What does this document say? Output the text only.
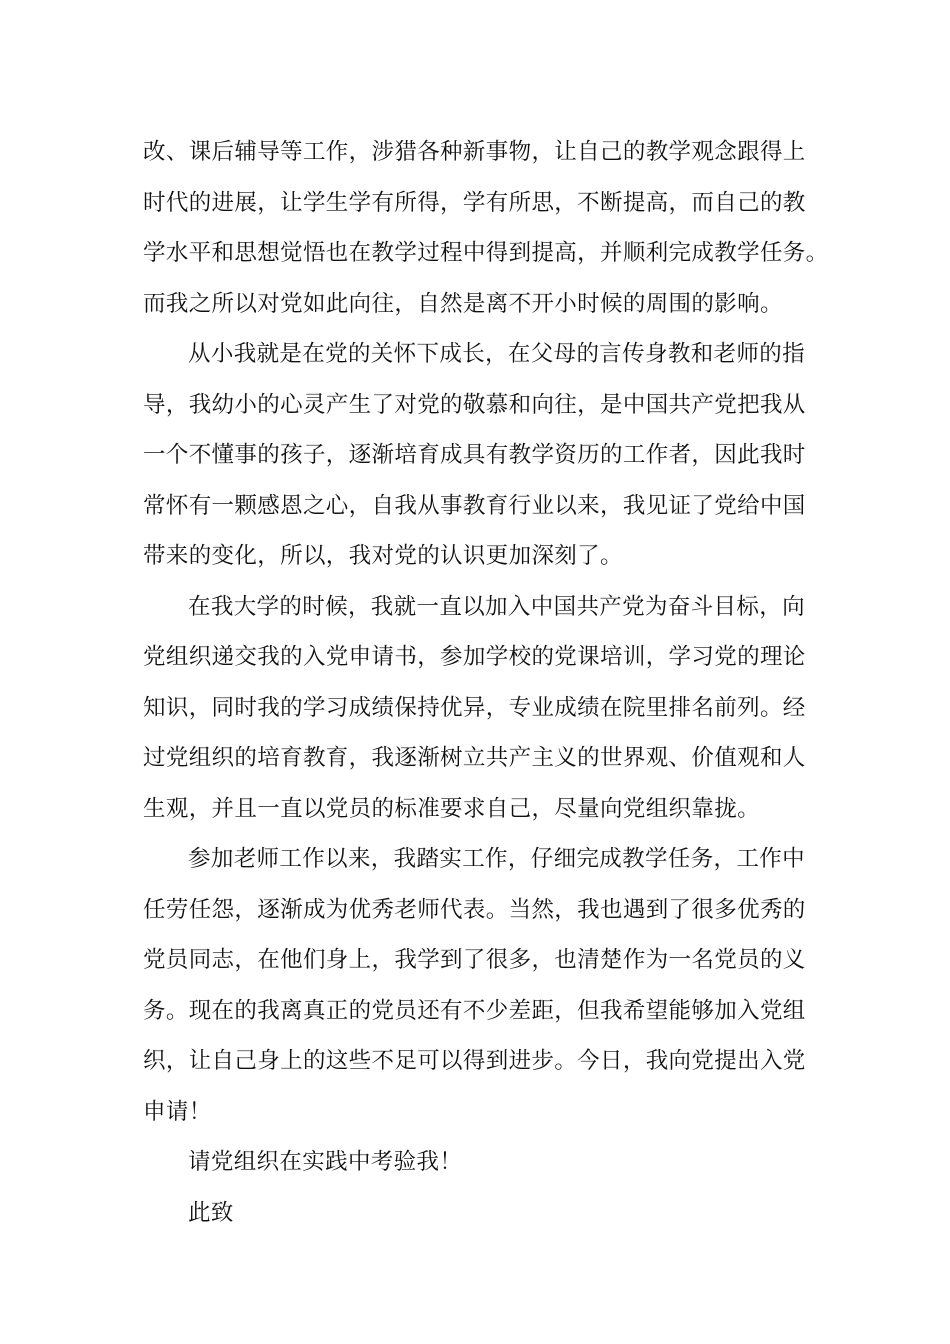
改、课后辅导等工作，涉猎各种新事物，让自己的教学观念跟得上
时代的进展，让学生学有所得，学有所思，不断提高，而自己的教
学水平和思想觉悟也在教学过程中得到提高，并顺利完成教学任务。
而我之所以对党如此向往，自然是离不开小时候的周围的影响。
从小我就是在党的关怀下成长，在父母的言传身教和老师的指
导，我幼小的心灵产生了对党的敬慕和向往，是中国共产党把我从
一个不懂事的孩子，逐渐培育成具有教学资历的工作者，因此我时
常怀有一颗感恩之心，自我从事教育行业以来，我见证了党给中国
带来的变化，所以，我对党的认识更加深刻了。
在我大学的时候，我就一直以加入中国共产党为奋斗目标，向
党组织递交我的入党申请书，参加学校的党课培训，学习党的理论
知识，同时我的学习成绩保持优异，专业成绩在院里排名前列。经
过党组织的培育教育，我逐渐树立共产主义的世界观、价值观和人
生观，并且一直以党员的标准要求自己，尽量向党组织靠拢。
参加老师工作以来，我踏实工作，仔细完成教学任务，工作中
任劳任怨，逐渐成为优秀老师代表。当然，我也遇到了很多优秀的
党员同志，在他们身上，我学到了很多，也清楚作为一名党员的义
务。现在的我离真正的党员还有不少差距，但我希望能够加入党组
织，让自己身上的这些不足可以得到进步。今日，我向党提出入党
申请！
请党组织在实践中考验我！
此致
